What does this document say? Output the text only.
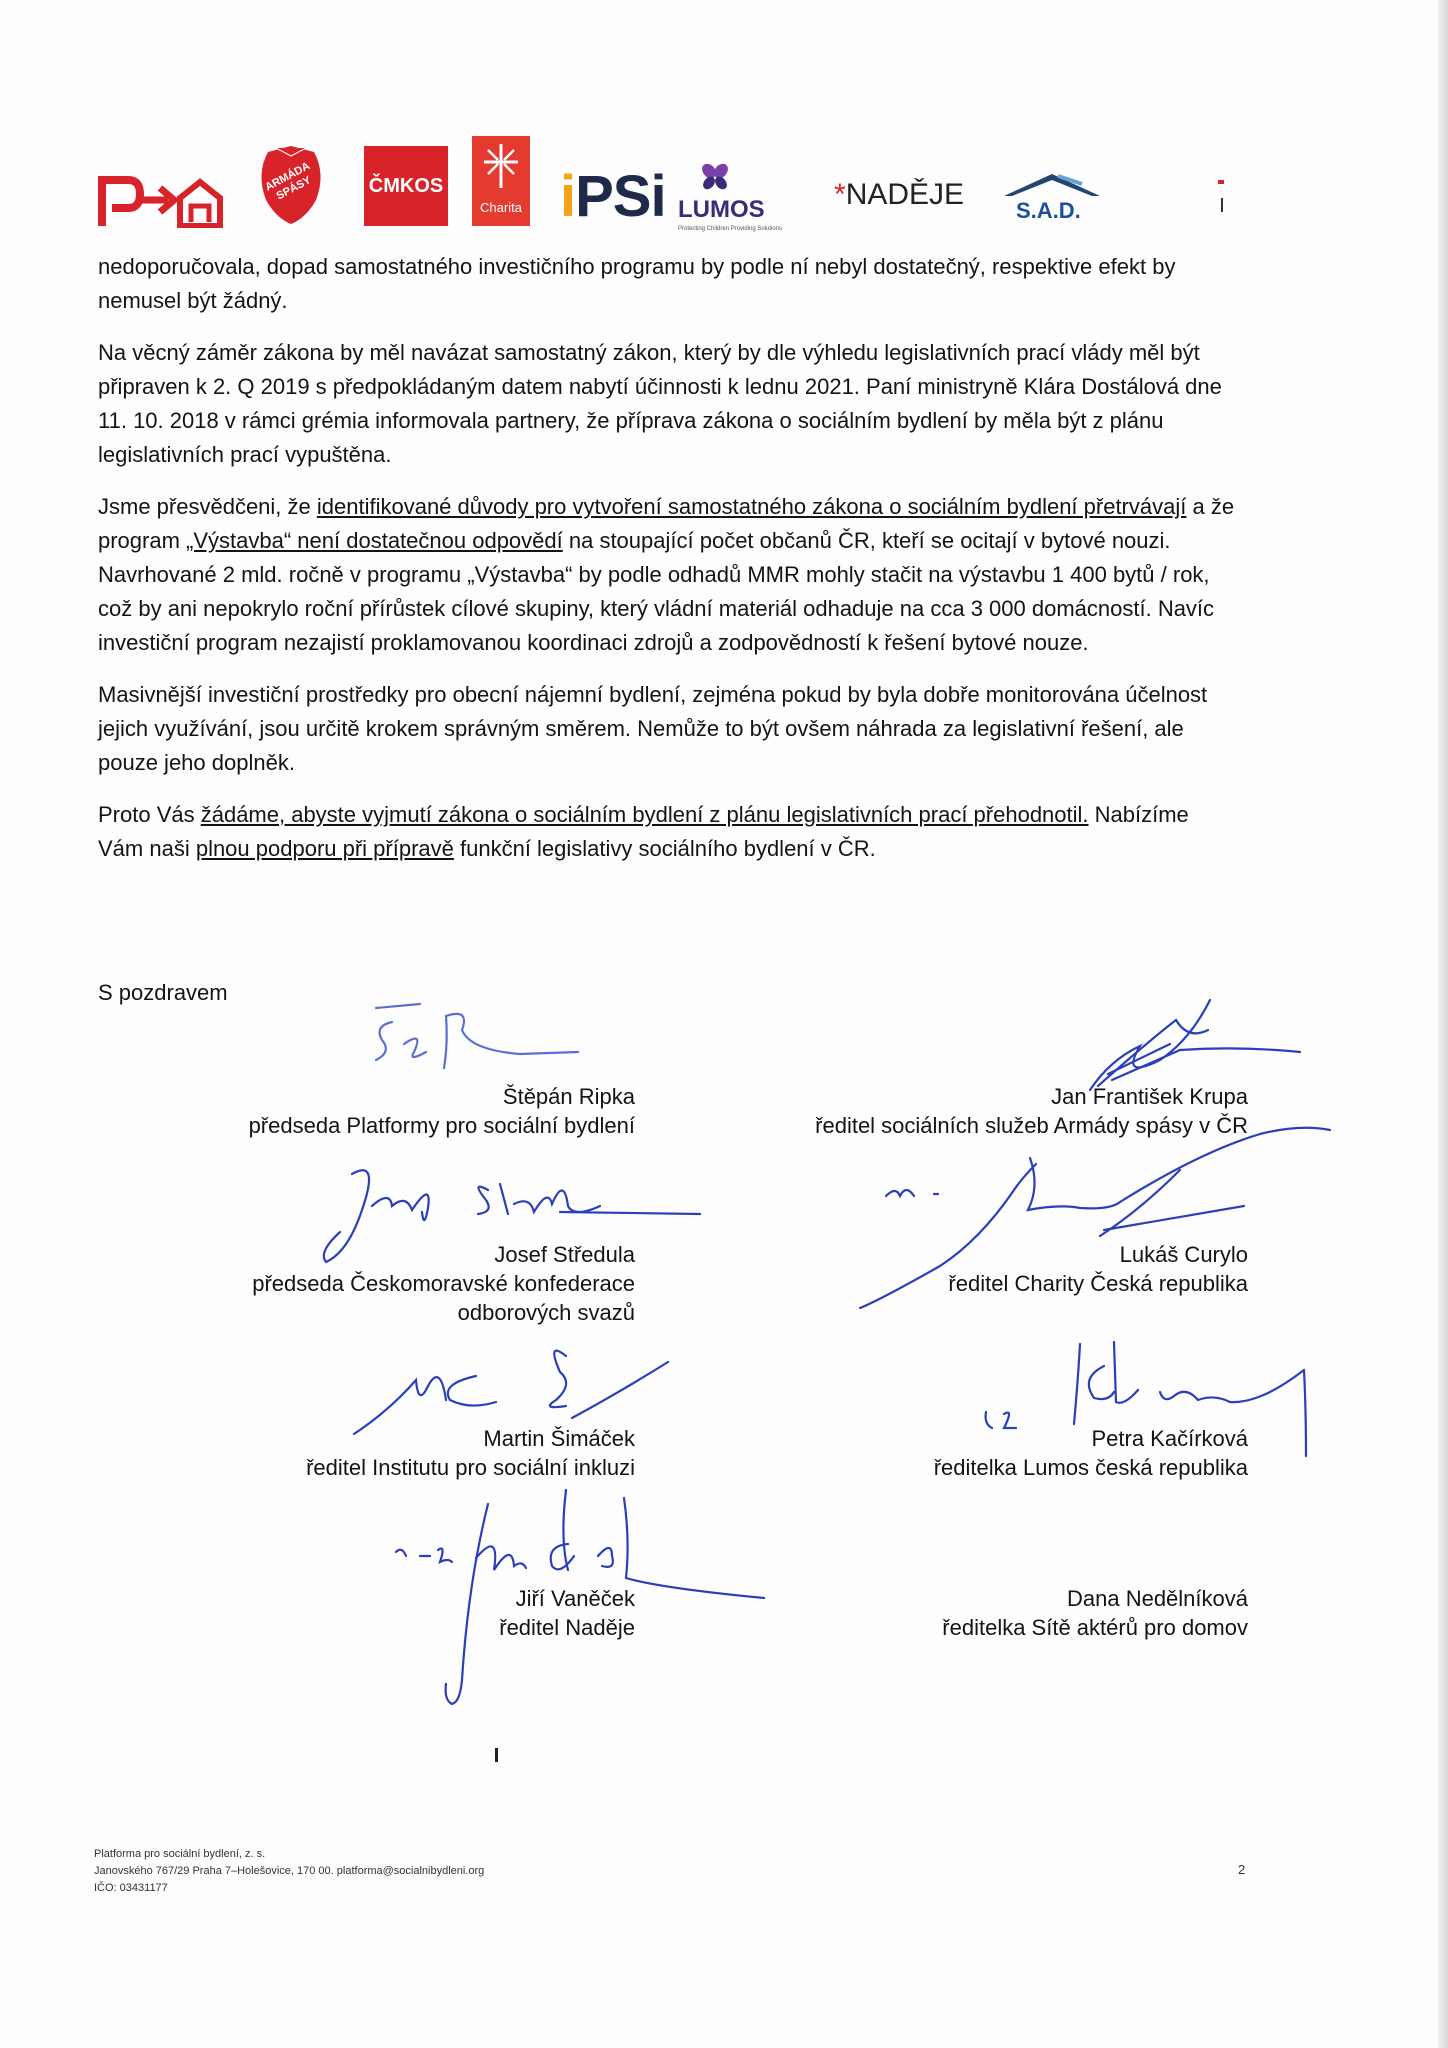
ARMÁDA SPÁSY	ČMKOS
Charita iPSi LUMOS
Protecting Children Providing Solutions
*NADĚJE S.A.D.

nedoporučovala, dopad samostatného investičního programu by podle ní nebyl dostatečný, respektive efekt by nemusel být žádný.

Na věcný záměr zákona by měl navázat samostatný zákon, který by dle výhledu legislativních prací vlády měl být připraven k 2. Q 2019 s předpokládaným datem nabytí účinnosti k lednu 2021. Paní ministryně Klára Dostálová dne 11. 10. 2018 v rámci grémia informovala partnery, že příprava zákona o sociálním bydlení by měla být z plánu legislativních prací vypuštěna.

Jsme přesvědčeni, že identifikované důvody pro vytvoření samostatného zákona o sociálním bydlení přetrvávají a že program „Výstavba“ není dostatečnou odpovědí na stoupající počet občanů ČR, kteří se ocitají v bytové nouzi. Navrhované 2 mld. ročně v programu „Výstavba“ by podle odhadů MMR mohly stačit na výstavbu 1 400 bytů / rok, což by ani nepokrylo roční přírůstek cílové skupiny, který vládní materiál odhaduje na cca 3 000 domácností. Navíc investiční program nezajistí proklamovanou koordinaci zdrojů a zodpovědností k řešení bytové nouze.

Masivnější investiční prostředky pro obecní nájemní bydlení, zejména pokud by byla dobře monitorována účelnost jejich využívání, jsou určitě krokem správným směrem. Nemůže to být ovšem náhrada za legislativní řešení, ale pouze jeho doplněk.

Proto Vás žádáme, abyste vyjmutí zákona o sociálním bydlení z plánu legislativních prací přehodnotil. Nabízíme Vám naši plnou podporu při přípravě funkční legislativy sociálního bydlení v ČR.

S pozdravem
Štěpán Ripka
předseda Platformy pro sociální bydlení
Josef Středula
předseda Českomoravské konfederace
odborových svazů
Martin Šimáček
ředitel Institutu pro sociální inkluzi
Jiří Vaněček
ředitel Naděje
Jan František Krupa
ředitel sociálních služeb Armády spásy v ČR
Lukáš Curylo
ředitel Charity Česká republika
Petra Kačírková
ředitelka Lumos česká republika
Dana Nedělníková
ředitelka Sítě aktérů pro domov
Platforma pro sociální bydlení, z. s.
Janovského 767/29 Praha 7–Holešovice, 170 00. platforma@socialnibydleni.org
IČO: 03431177
2
